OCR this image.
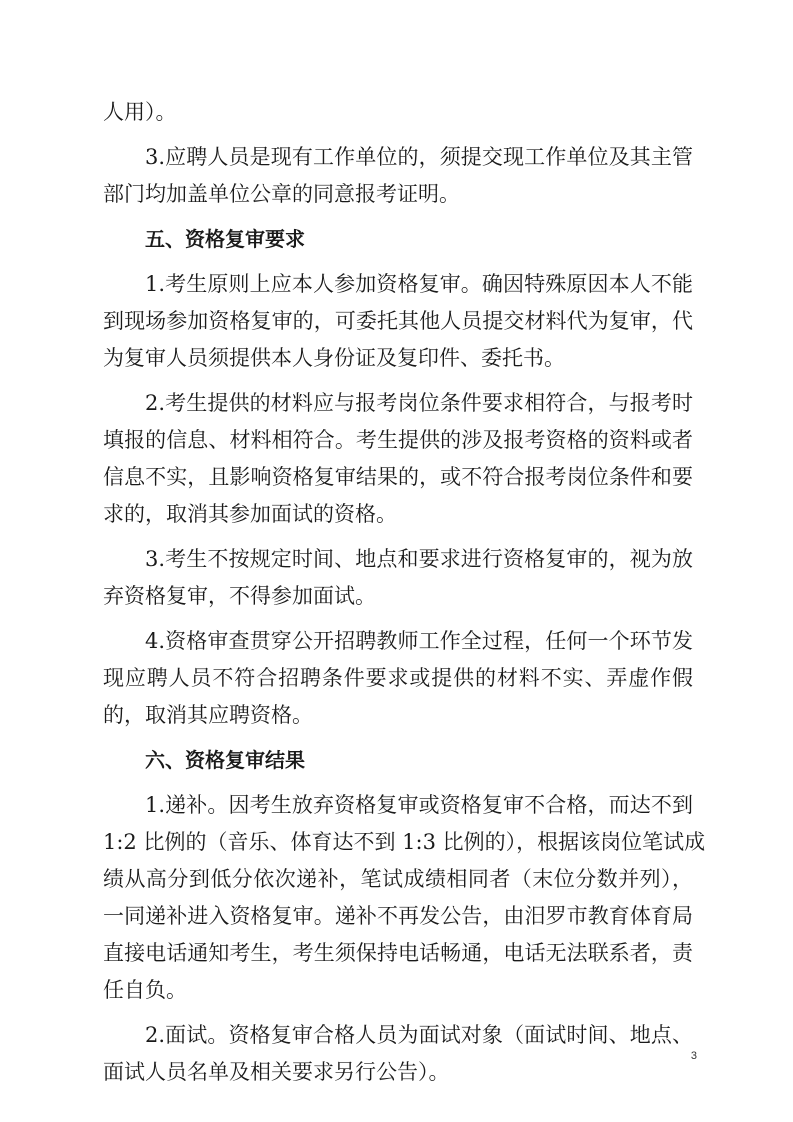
人用）。
3.应聘人员是现有工作单位的，须提交现工作单位及其主管
部门均加盖单位公章的同意报考证明。
五、资格复审要求
1.考生原则上应本人参加资格复审。确因特殊原因本人不能
到现场参加资格复审的，可委托其他人员提交材料代为复审，代
为复审人员须提供本人身份证及复印件、委托书。
2.考生提供的材料应与报考岗位条件要求相符合，与报考时
填报的信息、材料相符合。考生提供的涉及报考资格的资料或者
信息不实，且影响资格复审结果的，或不符合报考岗位条件和要
求的，取消其参加面试的资格。
3.考生不按规定时间、地点和要求进行资格复审的，视为放
弃资格复审，不得参加面试。
4.资格审查贯穿公开招聘教师工作全过程，任何一个环节发
现应聘人员不符合招聘条件要求或提供的材料不实、弄虚作假
的，取消其应聘资格。
六、资格复审结果
1.递补。因考生放弃资格复审或资格复审不合格，而达不到
1:2 比例的（音乐、体育达不到 1:3 比例的），根据该岗位笔试成
绩从高分到低分依次递补，笔试成绩相同者（末位分数并列），
一同递补进入资格复审。递补不再发公告，由汨罗市教育体育局
直接电话通知考生，考生须保持电话畅通，电话无法联系者，责
任自负。
2.面试。资格复审合格人员为面试对象（面试时间、地点、
面试人员名单及相关要求另行公告）。
3
